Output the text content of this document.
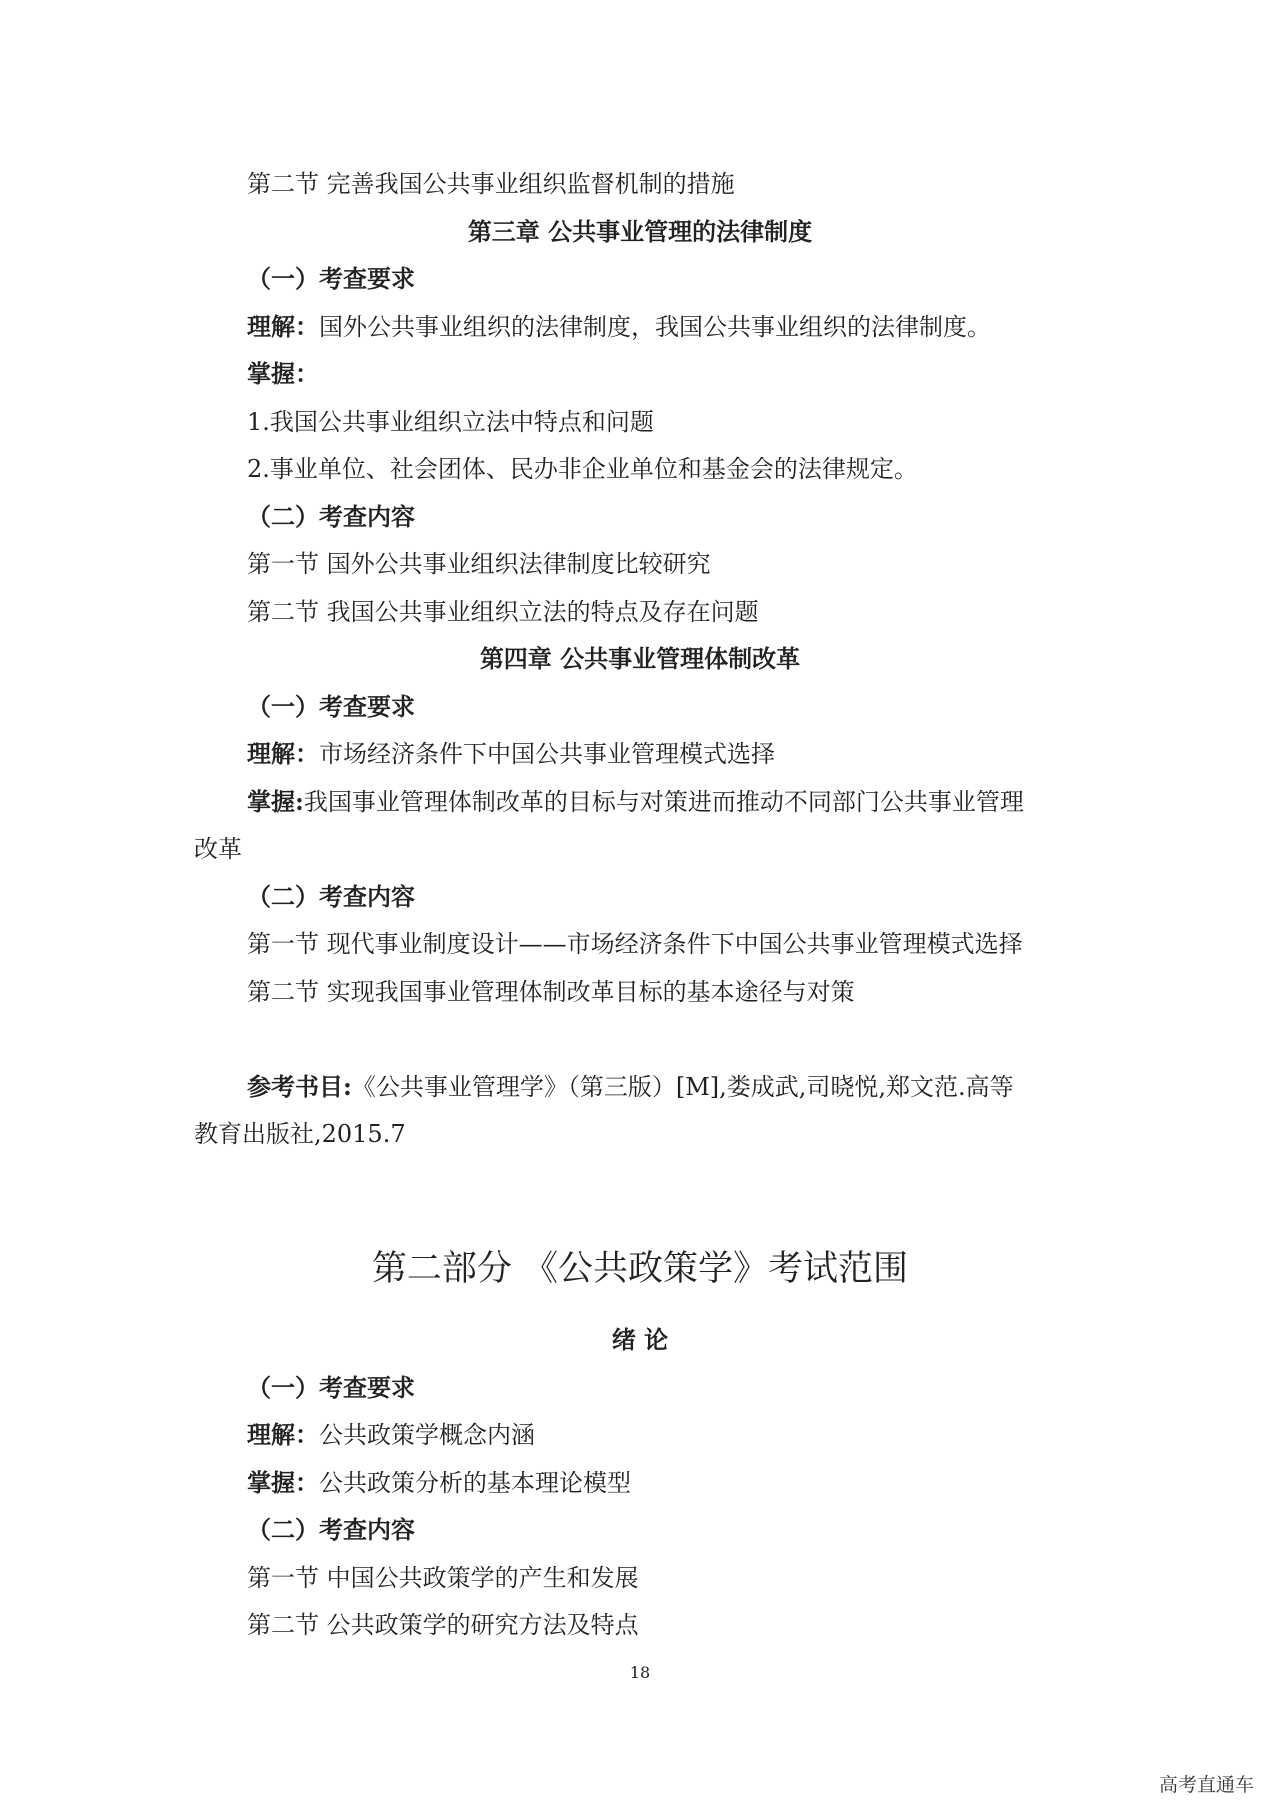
第二节 完善我国公共事业组织监督机制的措施
第三章 公共事业管理的法律制度
（一）考查要求
理解：国外公共事业组织的法律制度，我国公共事业组织的法律制度。
掌握：
1.我国公共事业组织立法中特点和问题
2.事业单位、社会团体、民办非企业单位和基金会的法律规定。
（二）考查内容
第一节 国外公共事业组织法律制度比较研究
第二节 我国公共事业组织立法的特点及存在问题
第四章 公共事业管理体制改革
（一）考查要求
理解：市场经济条件下中国公共事业管理模式选择
掌握:我国事业管理体制改革的目标与对策进而推动不同部门公共事业管理
改革
（二）考查内容
第一节 现代事业制度设计——市场经济条件下中国公共事业管理模式选择
第二节 实现我国事业管理体制改革目标的基本途径与对策
参考书目:《公共事业管理学》（第三版）[M],娄成武,司晓悦,郑文范.高等
教育出版社,2015.7
第二部分 《公共政策学》考试范围
绪 论
（一）考查要求
理解：公共政策学概念内涵
掌握：公共政策分析的基本理论模型
（二）考查内容
第一节 中国公共政策学的产生和发展
第二节 公共政策学的研究方法及特点
18
高考直通车
